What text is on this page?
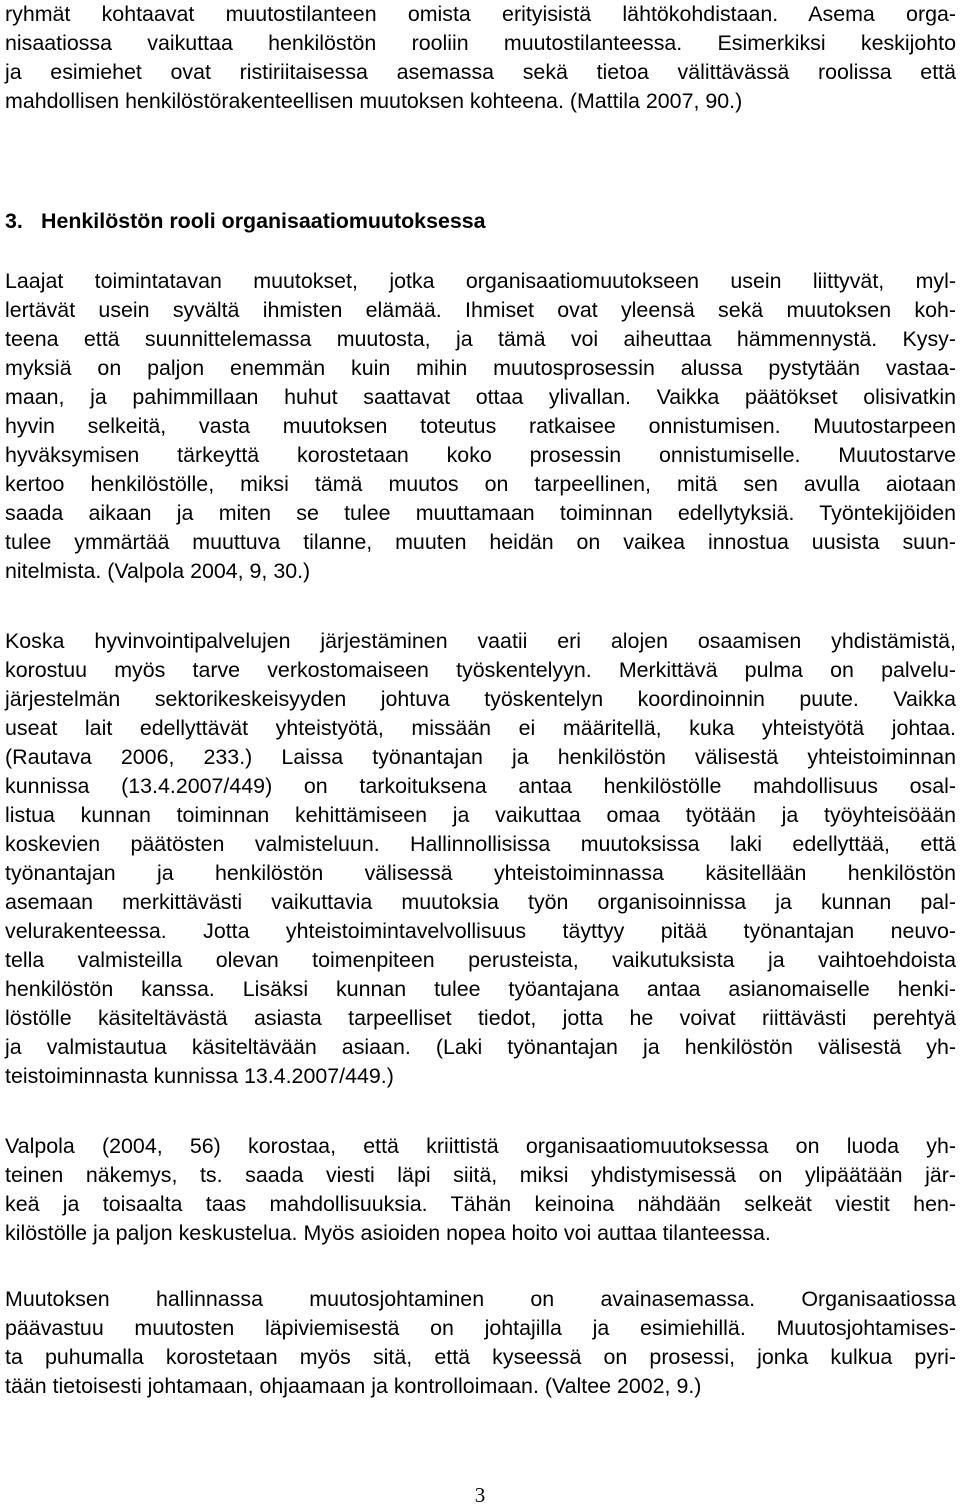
ryhmät kohtaavat muutostilanteen omista erityisistä lähtökohdistaan. Asema orga-
nisaatiossa vaikuttaa henkilöstön rooliin muutostilanteessa. Esimerkiksi keskijohto
ja esimiehet ovat ristiriitaisessa asemassa sekä tietoa välittävässä roolissa että
mahdollisen henkilöstörakenteellisen muutoksen kohteena. (Mattila 2007, 90.)
3. Henkilöstön rooli organisaatiomuutoksessa
Laajat toimintatavan muutokset, jotka organisaatiomuutokseen usein liittyvät, myl-
lertävät usein syvältä ihmisten elämää. Ihmiset ovat yleensä sekä muutoksen koh-
teena että suunnittelemassa muutosta, ja tämä voi aiheuttaa hämmennystä. Kysy-
myksiä on paljon enemmän kuin mihin muutosprosessin alussa pystytään vastaa-
maan, ja pahimmillaan huhut saattavat ottaa ylivallan. Vaikka päätökset olisivatkin
hyvin selkeitä, vasta muutoksen toteutus ratkaisee onnistumisen. Muutostarpeen
hyväksymisen tärkeyttä korostetaan koko prosessin onnistumiselle. Muutostarve
kertoo henkilöstölle, miksi tämä muutos on tarpeellinen, mitä sen avulla aiotaan
saada aikaan ja miten se tulee muuttamaan toiminnan edellytyksiä. Työntekijöiden
tulee ymmärtää muuttuva tilanne, muuten heidän on vaikea innostua uusista suun-
nitelmista. (Valpola 2004, 9, 30.)
Koska hyvinvointipalvelujen järjestäminen vaatii eri alojen osaamisen yhdistämistä,
korostuu myös tarve verkostomaiseen työskentelyyn. Merkittävä pulma on palvelu-
järjestelmän sektorikeskeisyyden johtuva työskentelyn koordinoinnin puute. Vaikka
useat lait edellyttävät yhteistyötä, missään ei määritellä, kuka yhteistyötä johtaa.
(Rautava 2006, 233.) Laissa työnantajan ja henkilöstön välisestä yhteistoiminnan
kunnissa (13.4.2007/449) on tarkoituksena antaa henkilöstölle mahdollisuus osal-
listua kunnan toiminnan kehittämiseen ja vaikuttaa omaa työtään ja työyhteisöään
koskevien päätösten valmisteluun. Hallinnollisissa muutoksissa laki edellyttää, että
työnantajan ja henkilöstön välisessä yhteistoiminnassa käsitellään henkilöstön
asemaan merkittävästi vaikuttavia muutoksia työn organisoinnissa ja kunnan pal-
velurakenteessa. Jotta yhteistoimintavelvollisuus täyttyy pitää työnantajan neuvo-
tella valmisteilla olevan toimenpiteen perusteista, vaikutuksista ja vaihtoehdoista
henkilöstön kanssa. Lisäksi kunnan tulee työantajana antaa asianomaiselle henki-
löstölle käsiteltävästä asiasta tarpeelliset tiedot, jotta he voivat riittävästi perehtyä
ja valmistautua käsiteltävään asiaan. (Laki työnantajan ja henkilöstön välisestä yh-
teistoiminnasta kunnissa 13.4.2007/449.)
Valpola (2004, 56) korostaa, että kriittistä organisaatiomuutoksessa on luoda yh-
teinen näkemys, ts. saada viesti läpi siitä, miksi yhdistymisessä on ylipäätään jär-
keä ja toisaalta taas mahdollisuuksia. Tähän keinoina nähdään selkeät viestit hen-
kilöstölle ja paljon keskustelua. Myös asioiden nopea hoito voi auttaa tilanteessa.
Muutoksen hallinnassa muutosjohtaminen on avainasemassa. Organisaatiossa
päävastuu muutosten läpiviemisestä on johtajilla ja esimiehillä. Muutosjohtamises-
ta puhumalla korostetaan myös sitä, että kyseessä on prosessi, jonka kulkua pyri-
tään tietoisesti johtamaan, ohjaamaan ja kontrolloimaan. (Valtee 2002, 9.)
3
